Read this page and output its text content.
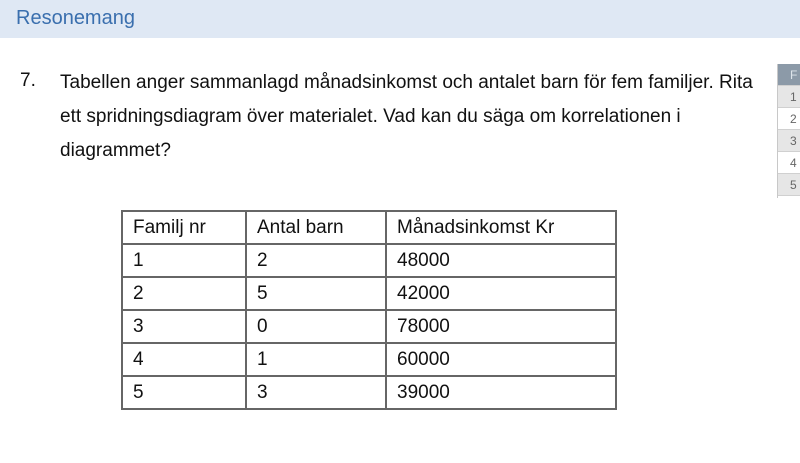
Resonemang
7. Tabellen anger sammanlagd månadsinkomst och antalet barn för fem familjer. Rita ett spridningsdiagram över materialet. Vad kan du säga om korrelationen i diagrammet?
F
1
2
3
4
5
Familj nr	Antal barn	Månadsinkomst Kr
1	2	48000
2	5	42000
3	0	78000
4	1	60000
5	3	39000
